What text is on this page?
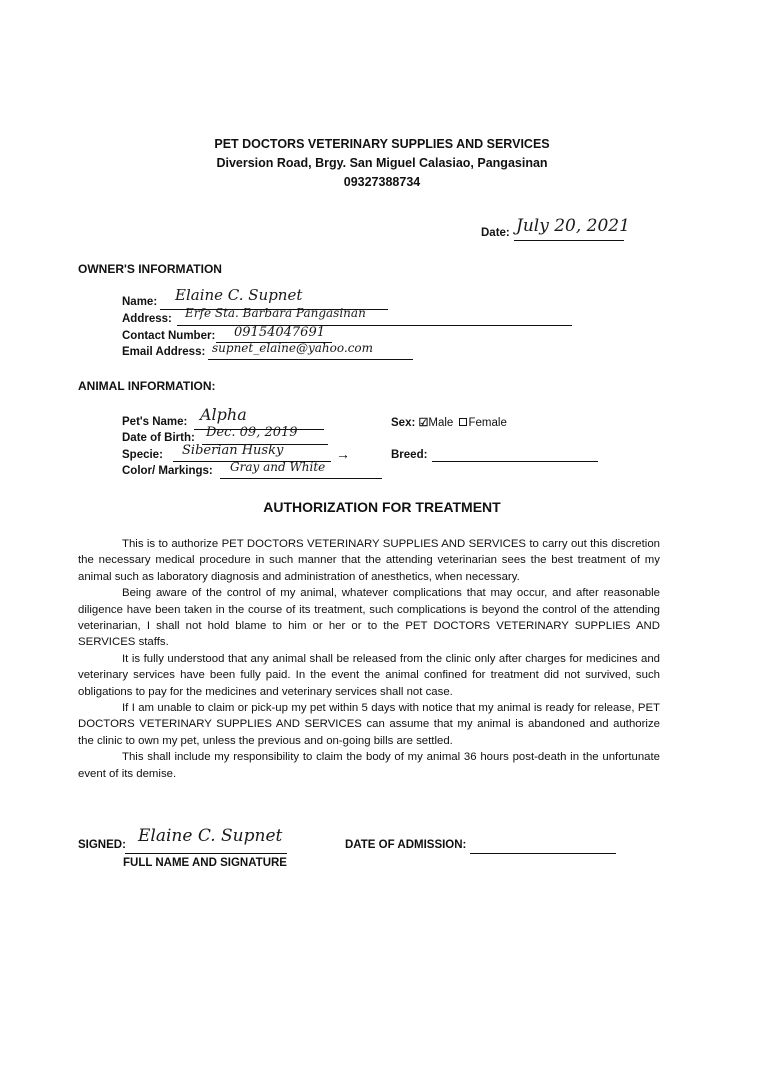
PET DOCTORS VETERINARY SUPPLIES AND SERVICES
Diversion Road, Brgy. San Miguel Calasiao, Pangasinan
09327388734
Date: July 20, 2021
OWNER'S INFORMATION
Name: Elaine C. Supnet
Address: Erfe Sta. Barbara Pangasinan
Contact Number: 09154047691
Email Address: supnet_elaine@yahoo.com
ANIMAL INFORMATION:
Pet's Name: Alpha
Date of Birth: Dec. 09, 2019
Specie: Siberian Husky	→
Color/ Markings: Gray and White
Sex: ☑Male Female
Breed:
AUTHORIZATION FOR TREATMENT

This is to authorize PET DOCTORS VETERINARY SUPPLIES AND SERVICES to carry out this discretion the necessary medical procedure in such manner that the attending veterinarian sees the best treatment of my animal such as laboratory diagnosis and administration of anesthetics, when necessary.

Being aware of the control of my animal, whatever complications that may occur, and after reasonable diligence have been taken in the course of its treatment, such complications is beyond the control of the attending veterinarian, I shall not hold blame to him or her or to the PET DOCTORS VETERINARY SUPPLIES AND SERVICES staffs.

It is fully understood that any animal shall be released from the clinic only after charges for medicines and veterinary services have been fully paid. In the event the animal confined for treatment did not survived, such obligations to pay for the medicines and veterinary services shall not case.

If I am unable to claim or pick-up my pet within 5 days with notice that my animal is ready for release, PET DOCTORS VETERINARY SUPPLIES AND SERVICES can assume that my animal is abandoned and authorize the clinic to own my pet, unless the previous and on-going bills are settled.

This shall include my responsibility to claim the body of my animal 36 hours post-death in the unfortunate event of its demise.

SIGNED: Elaine C. Supnet
FULL NAME AND SIGNATURE
DATE OF ADMISSION:
